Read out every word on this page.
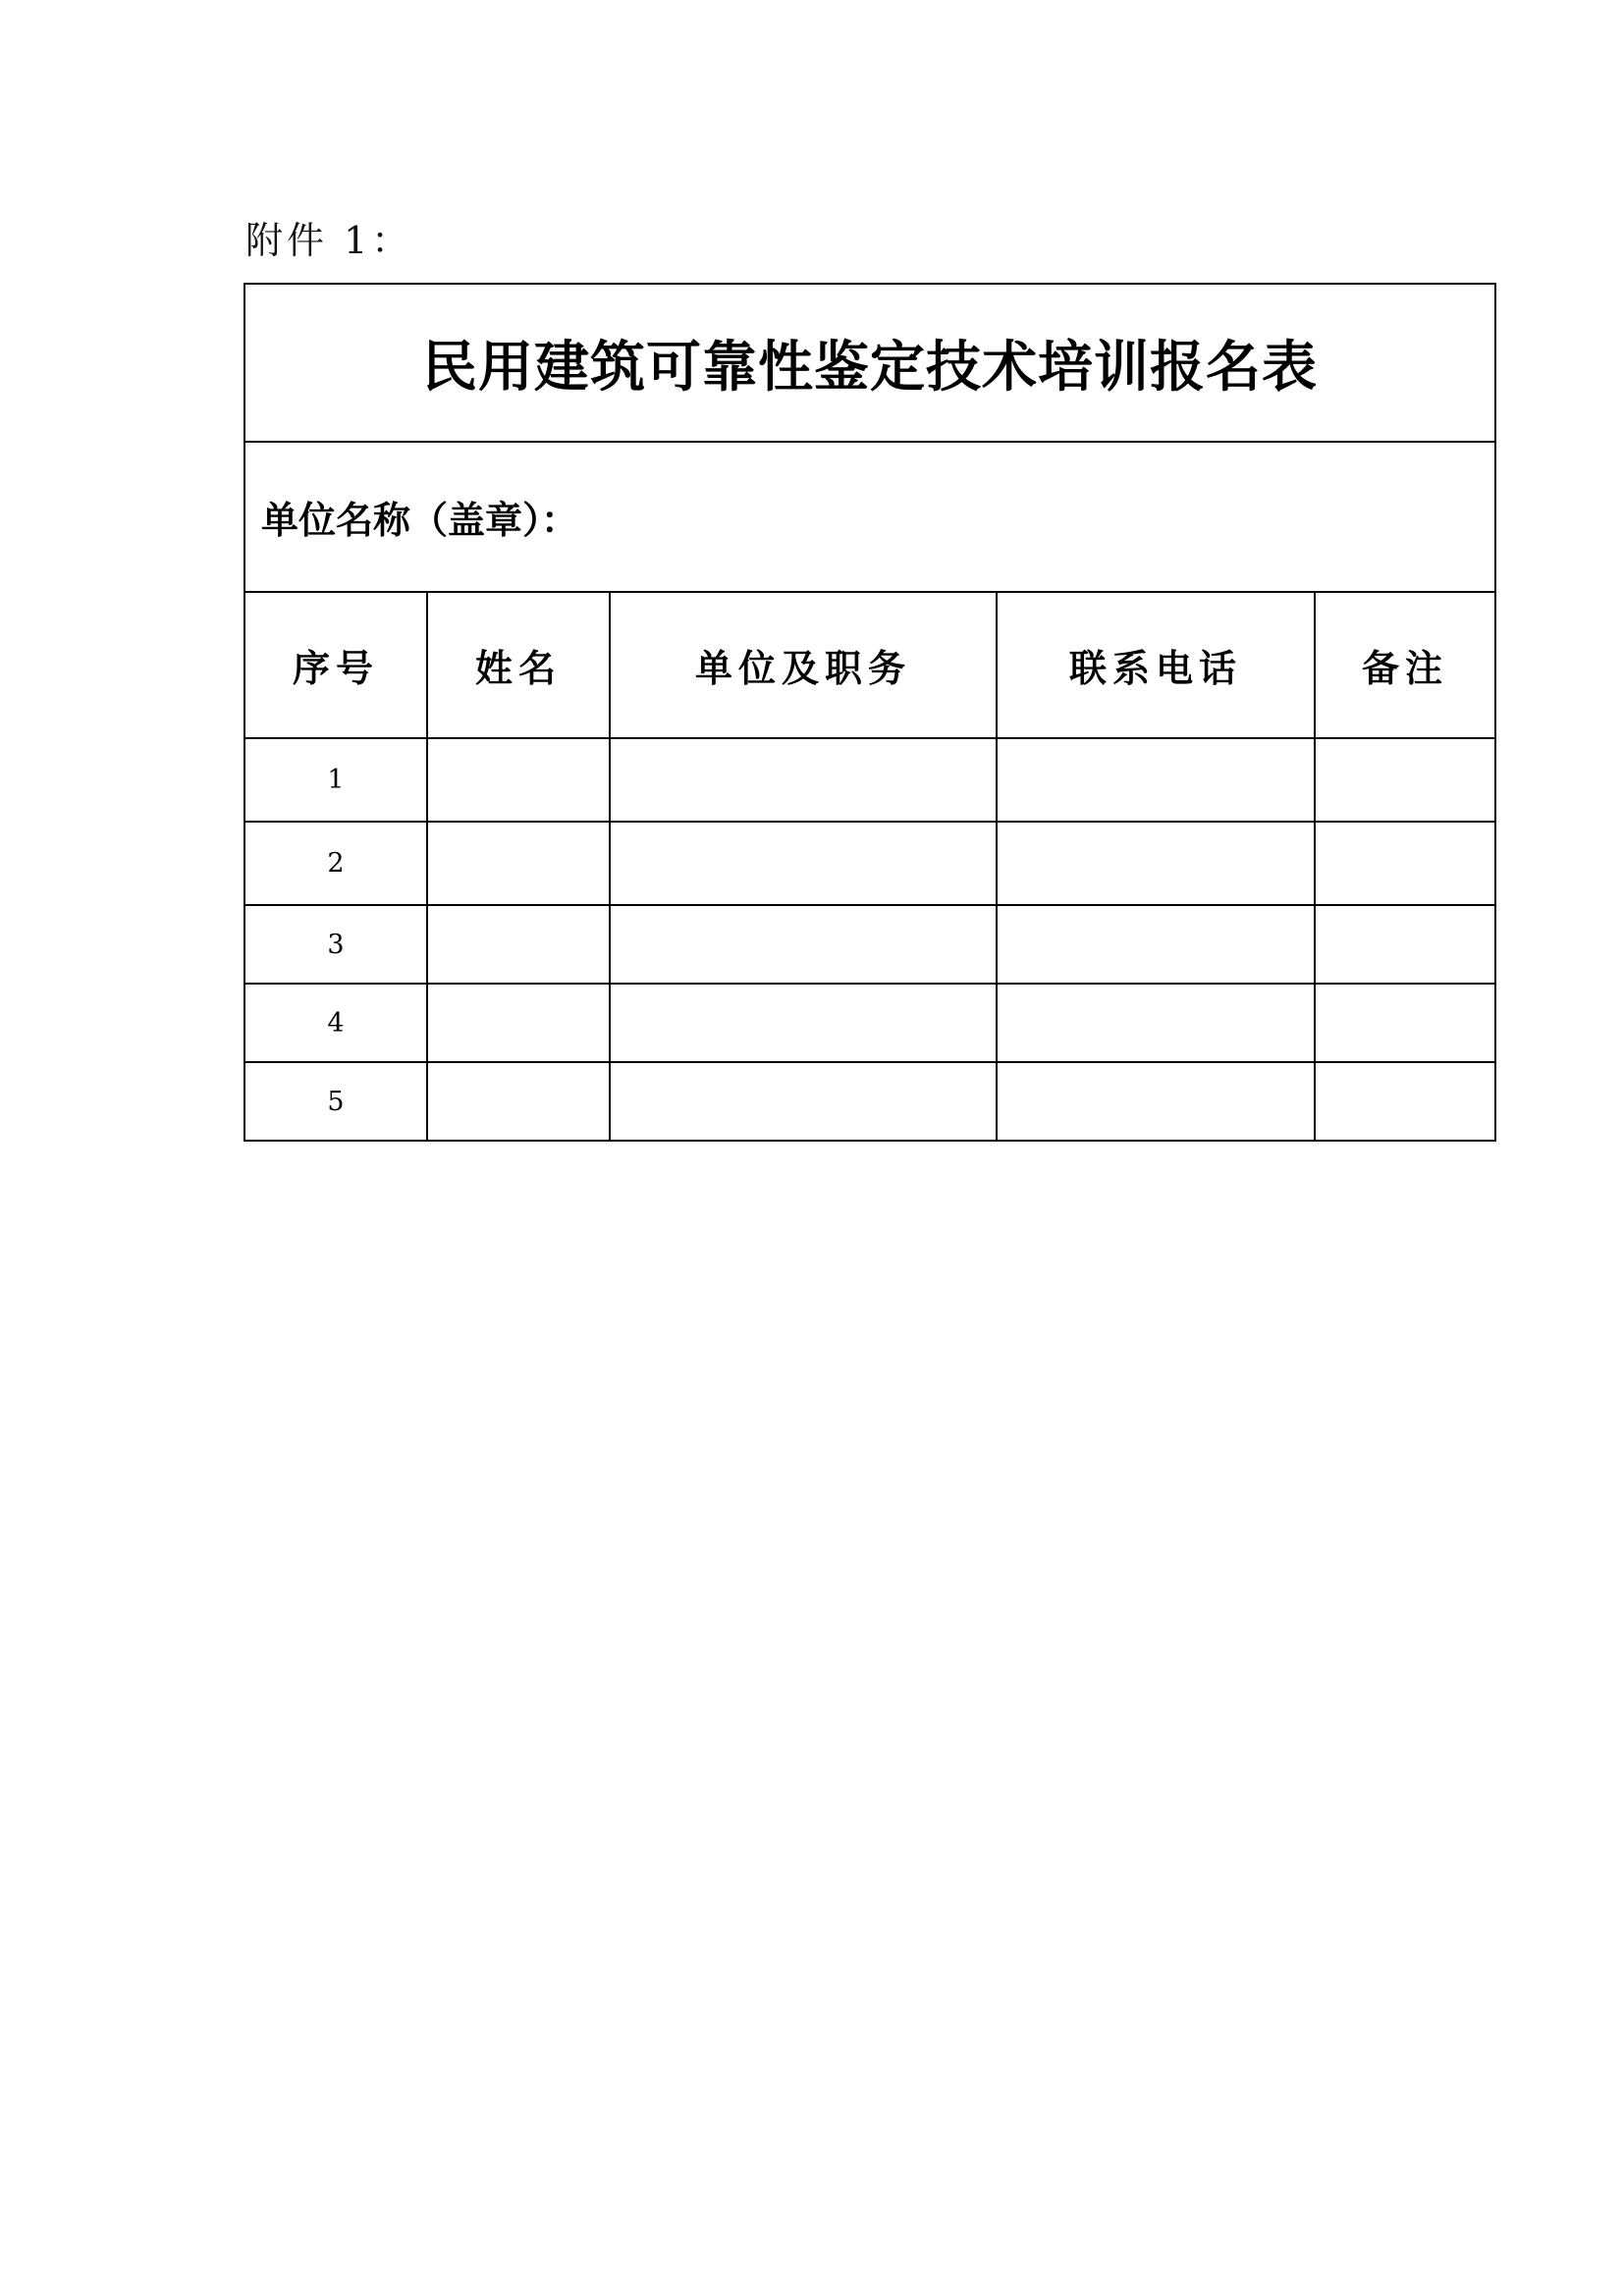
附件 1：
民用建筑可靠性鉴定技术培训报名表				
单位名称（盖章）：				
序号	姓名	单位及职务	联系电话	备注
1				
2				
3				
4				
5				
